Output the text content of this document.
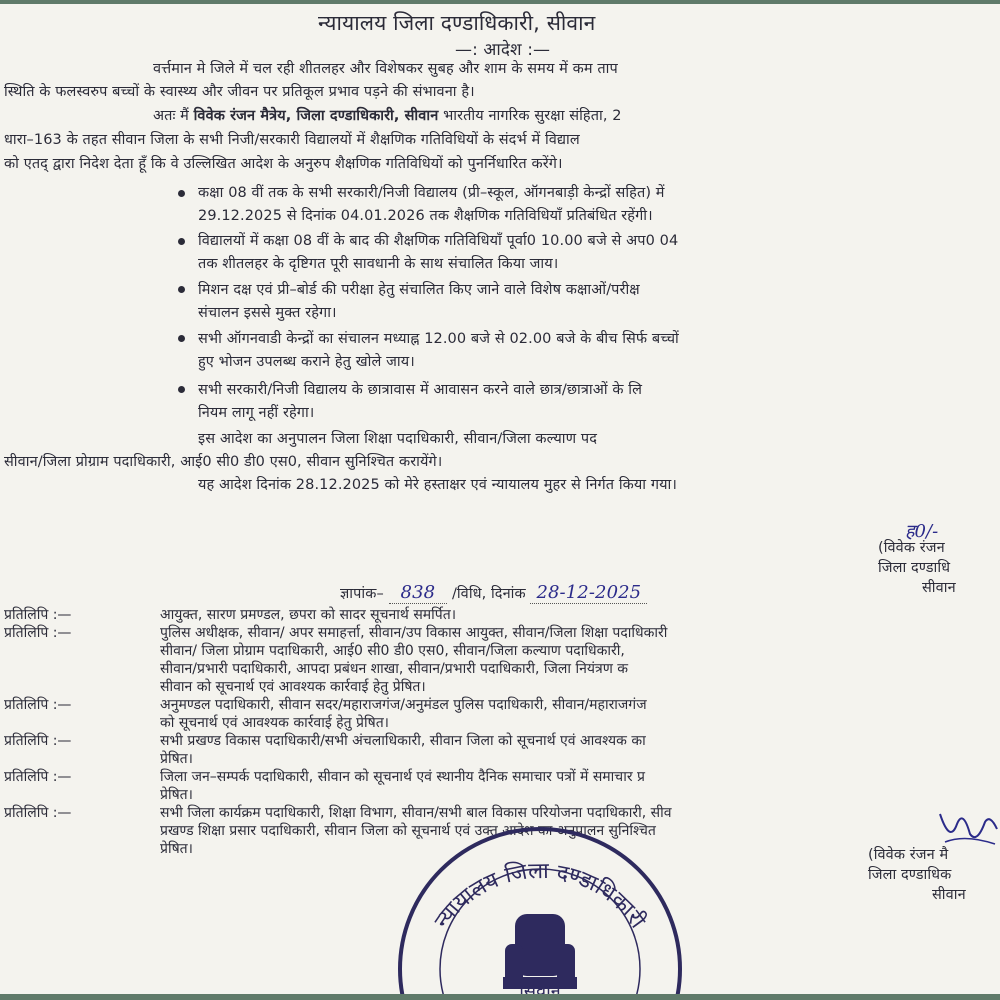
न्यायालय जिला दण्डाधिकारी, सीवान
—: आदेश :—
वर्त्तमान मे जिले में चल रही शीतलहर और विशेषकर सुबह और शाम के समय में कम ताप
स्थिति के फलस्वरुप बच्चों के स्वास्थ्य और जीवन पर प्रतिकूल प्रभाव पड़ने की संभावना है।
अतः मैं विवेक रंजन मैत्रेय, जिला दण्डाधिकारी, सीवान भारतीय नागरिक सुरक्षा संहिता, 2
धारा–163 के तहत सीवान जिला के सभी निजी/सरकारी विद्यालयों में शैक्षणिक गतिविधियों के संदर्भ में विद्याल
को एतद् द्वारा निदेश देता हूँ कि वे उल्लिखित आदेश के अनुरुप शैक्षणिक गतिविधियों को पुनर्निधारित करेंगे।
कक्षा 08 वीं तक के सभी सरकारी/निजी विद्यालय (प्री–स्कूल, ऑगनबाड़ी केन्द्रों सहित) में
29.12.2025 से दिनांक 04.01.2026 तक शैक्षणिक गतिविधियाँ प्रतिबंधित रहेंगी।
विद्यालयों में कक्षा 08 वीं के बाद की शैक्षणिक गतिविधियाँ पूर्वा0 10.00 बजे से अप0 04
तक शीतलहर के दृष्टिगत पूरी सावधानी के साथ संचालित किया जाय।
मिशन दक्ष एवं प्री–बोर्ड की परीक्षा हेतु संचालित किए जाने वाले विशेष कक्षाओं/परीक्ष
संचालन इससे मुक्त रहेगा।
सभी ऑगनवाडी केन्द्रों का संचालन मध्याह्न 12.00 बजे से 02.00 बजे के बीच सिर्फ बच्चों
हुए भोजन उपलब्ध कराने हेतु खोले जाय।
सभी सरकारी/निजी विद्यालय के छात्रावास में आवासन करने वाले छात्र/छात्राओं के लि
नियम लागू नहीं रहेगा।
इस आदेश का अनुपालन जिला शिक्षा पदाधिकारी, सीवान/जिला कल्याण पद
सीवान/जिला प्रोग्राम पदाधिकारी, आई0 सी0 डी0 एस0, सीवान सुनिश्चित करायेंगे।
यह आदेश दिनांक 28.12.2025 को मेरे हस्ताक्षर एवं न्यायालय मुहर से निर्गत किया गया।
ह0/-
(विवेक रंजन
जिला दण्डाधि
सीवान
ज्ञापांक– 838 /विधि, दिनांक 28-12-2025
प्रतिलिपि :—	आयुक्त, सारण प्रमण्डल, छपरा को सादर सूचनार्थ समर्पित।
प्रतिलिपि :—	पुलिस अधीक्षक, सीवान/ अपर समाहर्त्ता, सीवान/उप विकास आयुक्त, सीवान/जिला शिक्षा पदाधिकारी
सीवान/ जिला प्रोग्राम पदाधिकारी, आई0 सी0 डी0 एस0, सीवान/जिला कल्याण पदाधिकारी,
सीवान/प्रभारी पदाधिकारी, आपदा प्रबंधन शाखा, सीवान/प्रभारी पदाधिकारी, जिला नियंत्रण क
सीवान को सूचनार्थ एवं आवश्यक कार्रवाई हेतु प्रेषित।
प्रतिलिपि :—	अनुमण्डल पदाधिकारी, सीवान सदर/महाराजगंज/अनुमंडल पुलिस पदाधिकारी, सीवान/महाराजगंज
को सूचनार्थ एवं आवश्यक कार्रवाई हेतु प्रेषित।
प्रतिलिपि :—	सभी प्रखण्ड विकास पदाधिकारी/सभी अंचलाधिकारी, सीवान जिला को सूचनार्थ एवं आवश्यक का
प्रेषित।
प्रतिलिपि :—	जिला जन–सम्पर्क पदाधिकारी, सीवान को सूचनार्थ एवं स्थानीय दैनिक समाचार पत्रों में समाचार प्र
प्रेषित।
प्रतिलिपि :—	सभी जिला कार्यक्रम पदाधिकारी, शिक्षा विभाग, सीवान/सभी बाल विकास परियोजना पदाधिकारी, सीव
प्रखण्ड शिक्षा प्रसार पदाधिकारी, सीवान जिला को सूचनार्थ एवं उक्त आदेश का अनुपालन सुनिश्चित
प्रेषित।	(विवेक रंजन मै
जिला दण्डाधिक
सीवान
न्यायालय जिला दण्डाधिकारी
सिवान
